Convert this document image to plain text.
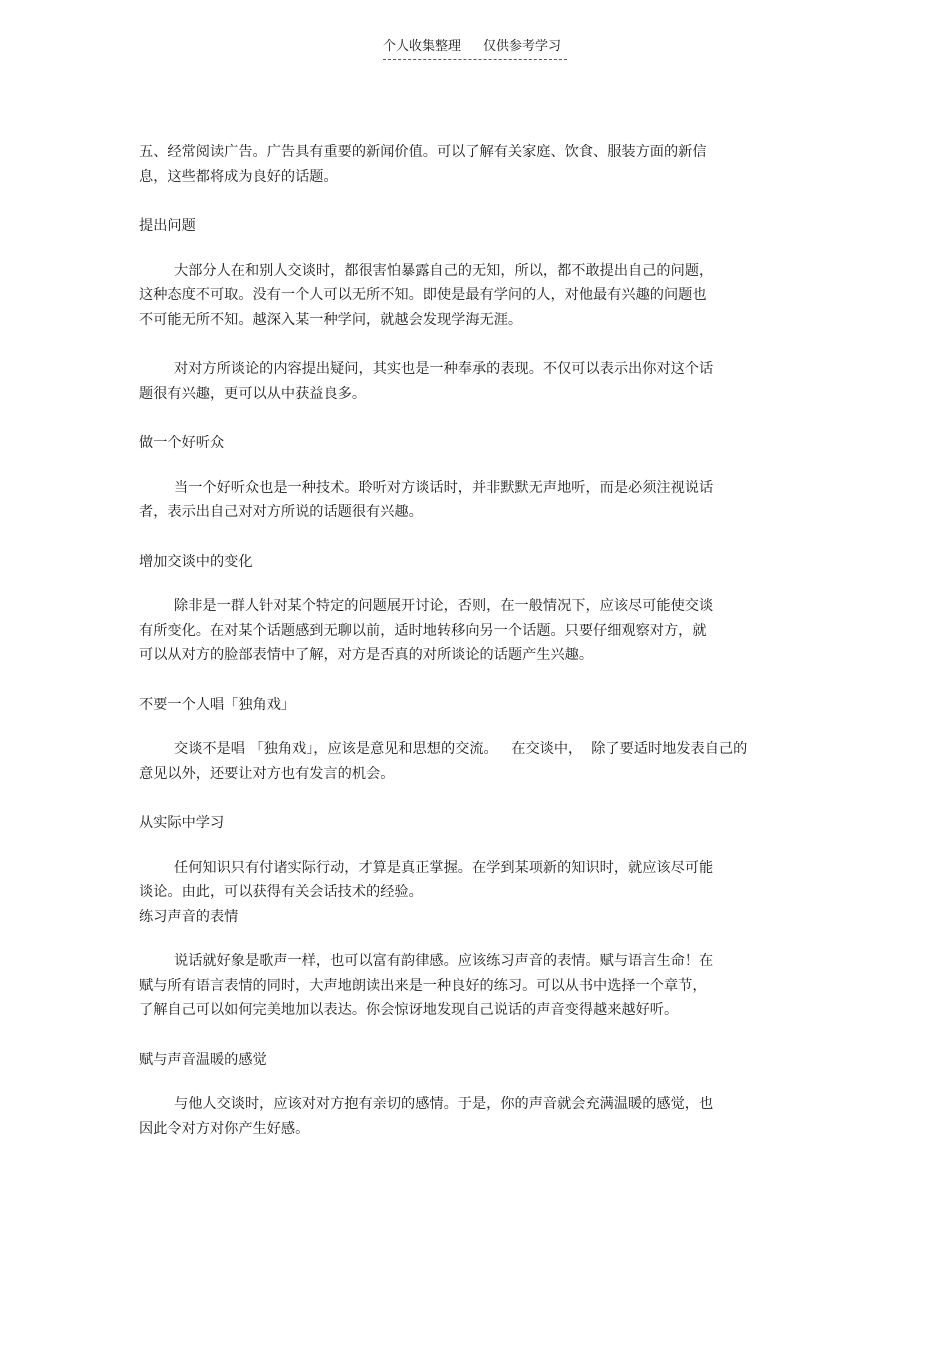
个人收集整理 仅供参考学习

五、经常阅读广告。广告具有重要的新闻价值。可以了解有关家庭、饮食、服装方面的新信

息，这些都将成为良好的话题。

提出问题

大部分人在和别人交谈时，都很害怕暴露自己的无知，所以，都不敢提出自己的问题，

这种态度不可取。没有一个人可以无所不知。即使是最有学问的人，对他最有兴趣的问题也

不可能无所不知。越深入某一种学问，就越会发现学海无涯。

对对方所谈论的内容提出疑问，其实也是一种奉承的表现。不仅可以表示出你对这个话

题很有兴趣，更可以从中获益良多。

做一个好听众

当一个好听众也是一种技术。聆听对方谈话时，并非默默无声地听，而是必须注视说话

者，表示出自己对对方所说的话题很有兴趣。

增加交谈中的变化

除非是一群人针对某个特定的问题展开讨论，否则，在一般情况下，应该尽可能使交谈

有所变化。在对某个话题感到无聊以前，适时地转移向另一个话题。只要仔细观察对方，就

可以从对方的脸部表情中了解，对方是否真的对所谈论的话题产生兴趣。

不要一个人唱「独角戏」

交谈不是唱 「独角戏」，应该是意见和思想的交流。   在交谈中，  除了要适时地发表自己的

意见以外，还要让对方也有发言的机会。

从实际中学习

任何知识只有付诸实际行动，才算是真正掌握。在学到某项新的知识时，就应该尽可能

谈论。由此，可以获得有关会话技术的经验。

练习声音的表情

说话就好象是歌声一样，也可以富有韵律感。应该练习声音的表情。赋与语言生命！在

赋与所有语言表情的同时，大声地朗读出来是一种良好的练习。可以从书中选择一个章节，

了解自己可以如何完美地加以表达。你会惊讶地发现自己说话的声音变得越来越好听。

赋与声音温暖的感觉

与他人交谈时，应该对对方抱有亲切的感情。于是，你的声音就会充满温暖的感觉，也

因此令对方对你产生好感。
